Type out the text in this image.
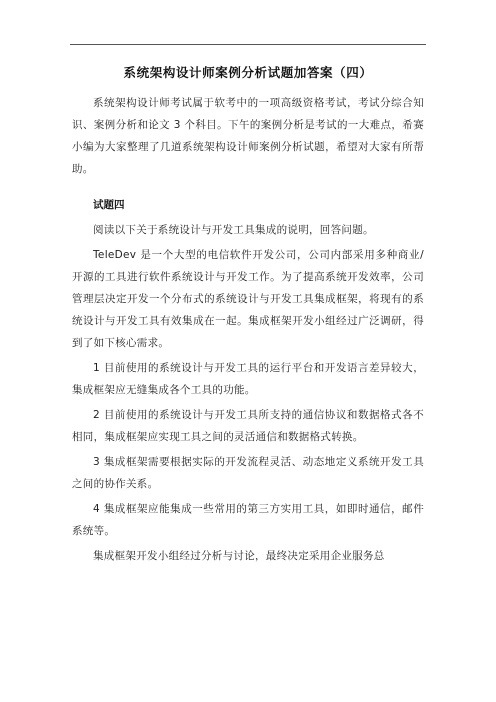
系统架构设计师案例分析试题加答案（四）

系统架构设计师考试属于软考中的一项高级资格考试，考试分综合知识、案例分析和论文 3 个科目。下午的案例分析是考试的一大难点，希赛小编为大家整理了几道系统架构设计师案例分析试题，希望对大家有所帮助。

试题四

阅读以下关于系统设计与开发工具集成的说明，回答问题。

TeleDev 是一个大型的电信软件开发公司，公司内部采用多种商业/开源的工具进行软件系统设计与开发工作。为了提高系统开发效率，公司管理层决定开发一个分布式的系统设计与开发工具集成框架，将现有的系统设计与开发工具有效集成在一起。集成框架开发小组经过广泛调研，得到了如下核心需求。

1 目前使用的系统设计与开发工具的运行平台和开发语言差异较大，集成框架应无缝集成各个工具的功能。

2 目前使用的系统设计与开发工具所支持的通信协议和数据格式各不相同，集成框架应实现工具之间的灵活通信和数据格式转换。

3 集成框架需要根据实际的开发流程灵活、动态地定义系统开发工具之间的协作关系。

4 集成框架应能集成一些常用的第三方实用工具，如即时通信，邮件系统等。

集成框架开发小组经过分析与讨论，最终决定采用企业服务总
